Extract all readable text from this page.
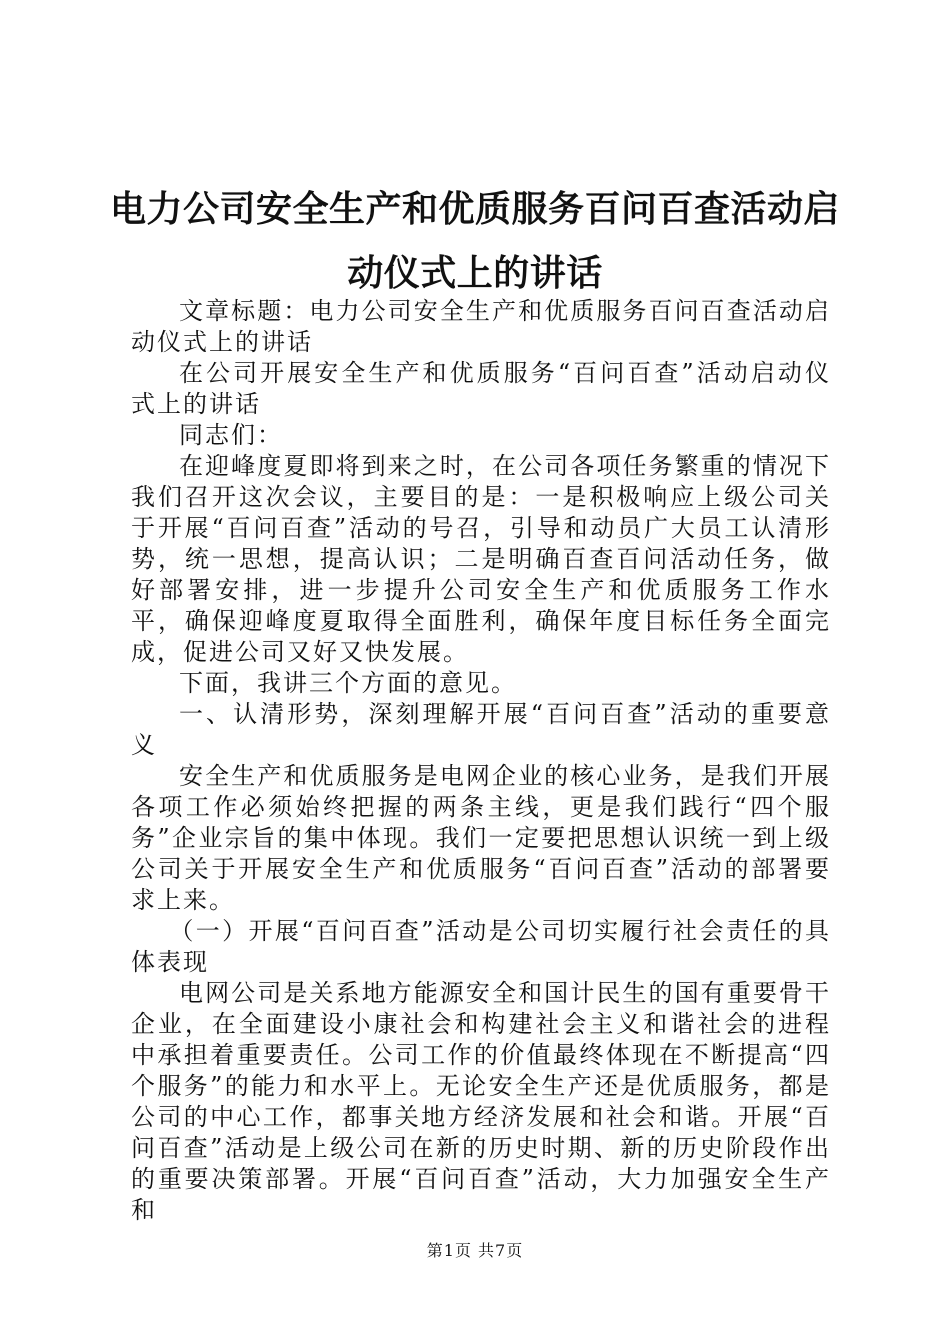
电力公司安全生产和优质服务百问百查活动启
动仪式上的讲话

文章标题：电力公司安全生产和优质服务百问百查活动启动仪式上的讲话

在公司开展安全生产和优质服务“百问百查”活动启动仪式上的讲话

同志们：

在迎峰度夏即将到来之时，在公司各项任务繁重的情况下我们召开这次会议，主要目的是：一是积极响应上级公司关于开展“百问百查”活动的号召，引导和动员广大员工认清形势，统一思想，提高认识；二是明确百查百问活动任务，做好部署安排，进一步提升公司安全生产和优质服务工作水平，确保迎峰度夏取得全面胜利，确保年度目标任务全面完成，促进公司又好又快发展。

下面，我讲三个方面的意见。

一、认清形势，深刻理解开展“百问百查”活动的重要意义

安全生产和优质服务是电网企业的核心业务，是我们开展各项工作必须始终把握的两条主线，更是我们践行“四个服务”企业宗旨的集中体现。我们一定要把思想认识统一到上级公司关于开展安全生产和优质服务“百问百查”活动的部署要求上来。

（一）开展“百问百查”活动是公司切实履行社会责任的具体表现

电网公司是关系地方能源安全和国计民生的国有重要骨干企业，在全面建设小康社会和构建社会主义和谐社会的进程中承担着重要责任。公司工作的价值最终体现在不断提高“四个服务”的能力和水平上。无论安全生产还是优质服务，都是公司的中心工作，都事关地方经济发展和社会和谐。开展“百问百查”活动是上级公司在新的历史时期、新的历史阶段作出的重要决策部署。开展“百问百查”活动，大力加强安全生产和

第1页 共7页
